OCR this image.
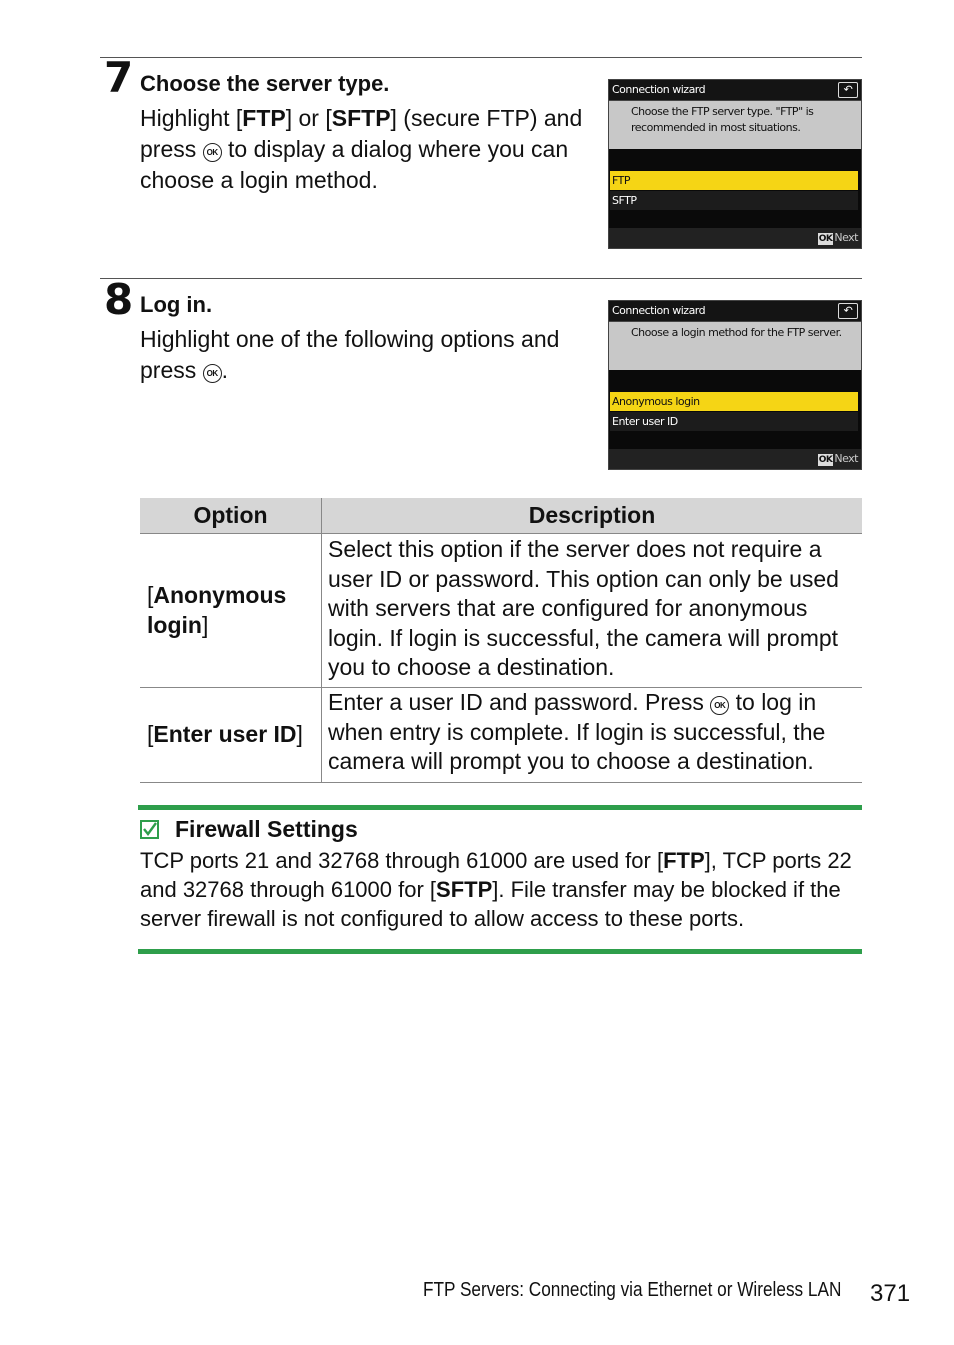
7 Choose the server type.
Highlight [FTP] or [SFTP] (secure FTP) and press OK to display a dialog where you can choose a login method.
Connection wizard	↶
Choose the FTP server type. "FTP" is recommended in most situations.
FTP
SFTP
OK Next
8 Log in.
Highlight one of the following options and press OK .
Connection wizard	↶
Choose a login method for the FTP server.
Anonymous login
Enter user ID
OK Next
Option	Description
[Anonymous login]	Select this option if the server does not require a user ID or password. This option can only be used with servers that are configured for anonymous login. If login is successful, the camera will prompt you to choose a destination.
[Enter user ID]	Enter a user ID and password. Press OK to log in when entry is complete. If login is successful, the camera will prompt you to choose a destination.
Firewall Settings
TCP ports 21 and 32768 through 61000 are used for [FTP], TCP ports 22 and 32768 through 61000 for [SFTP]. File transfer may be blocked if the server firewall is not configured to allow access to these ports.
FTP Servers: Connecting via Ethernet or Wireless LAN 371
